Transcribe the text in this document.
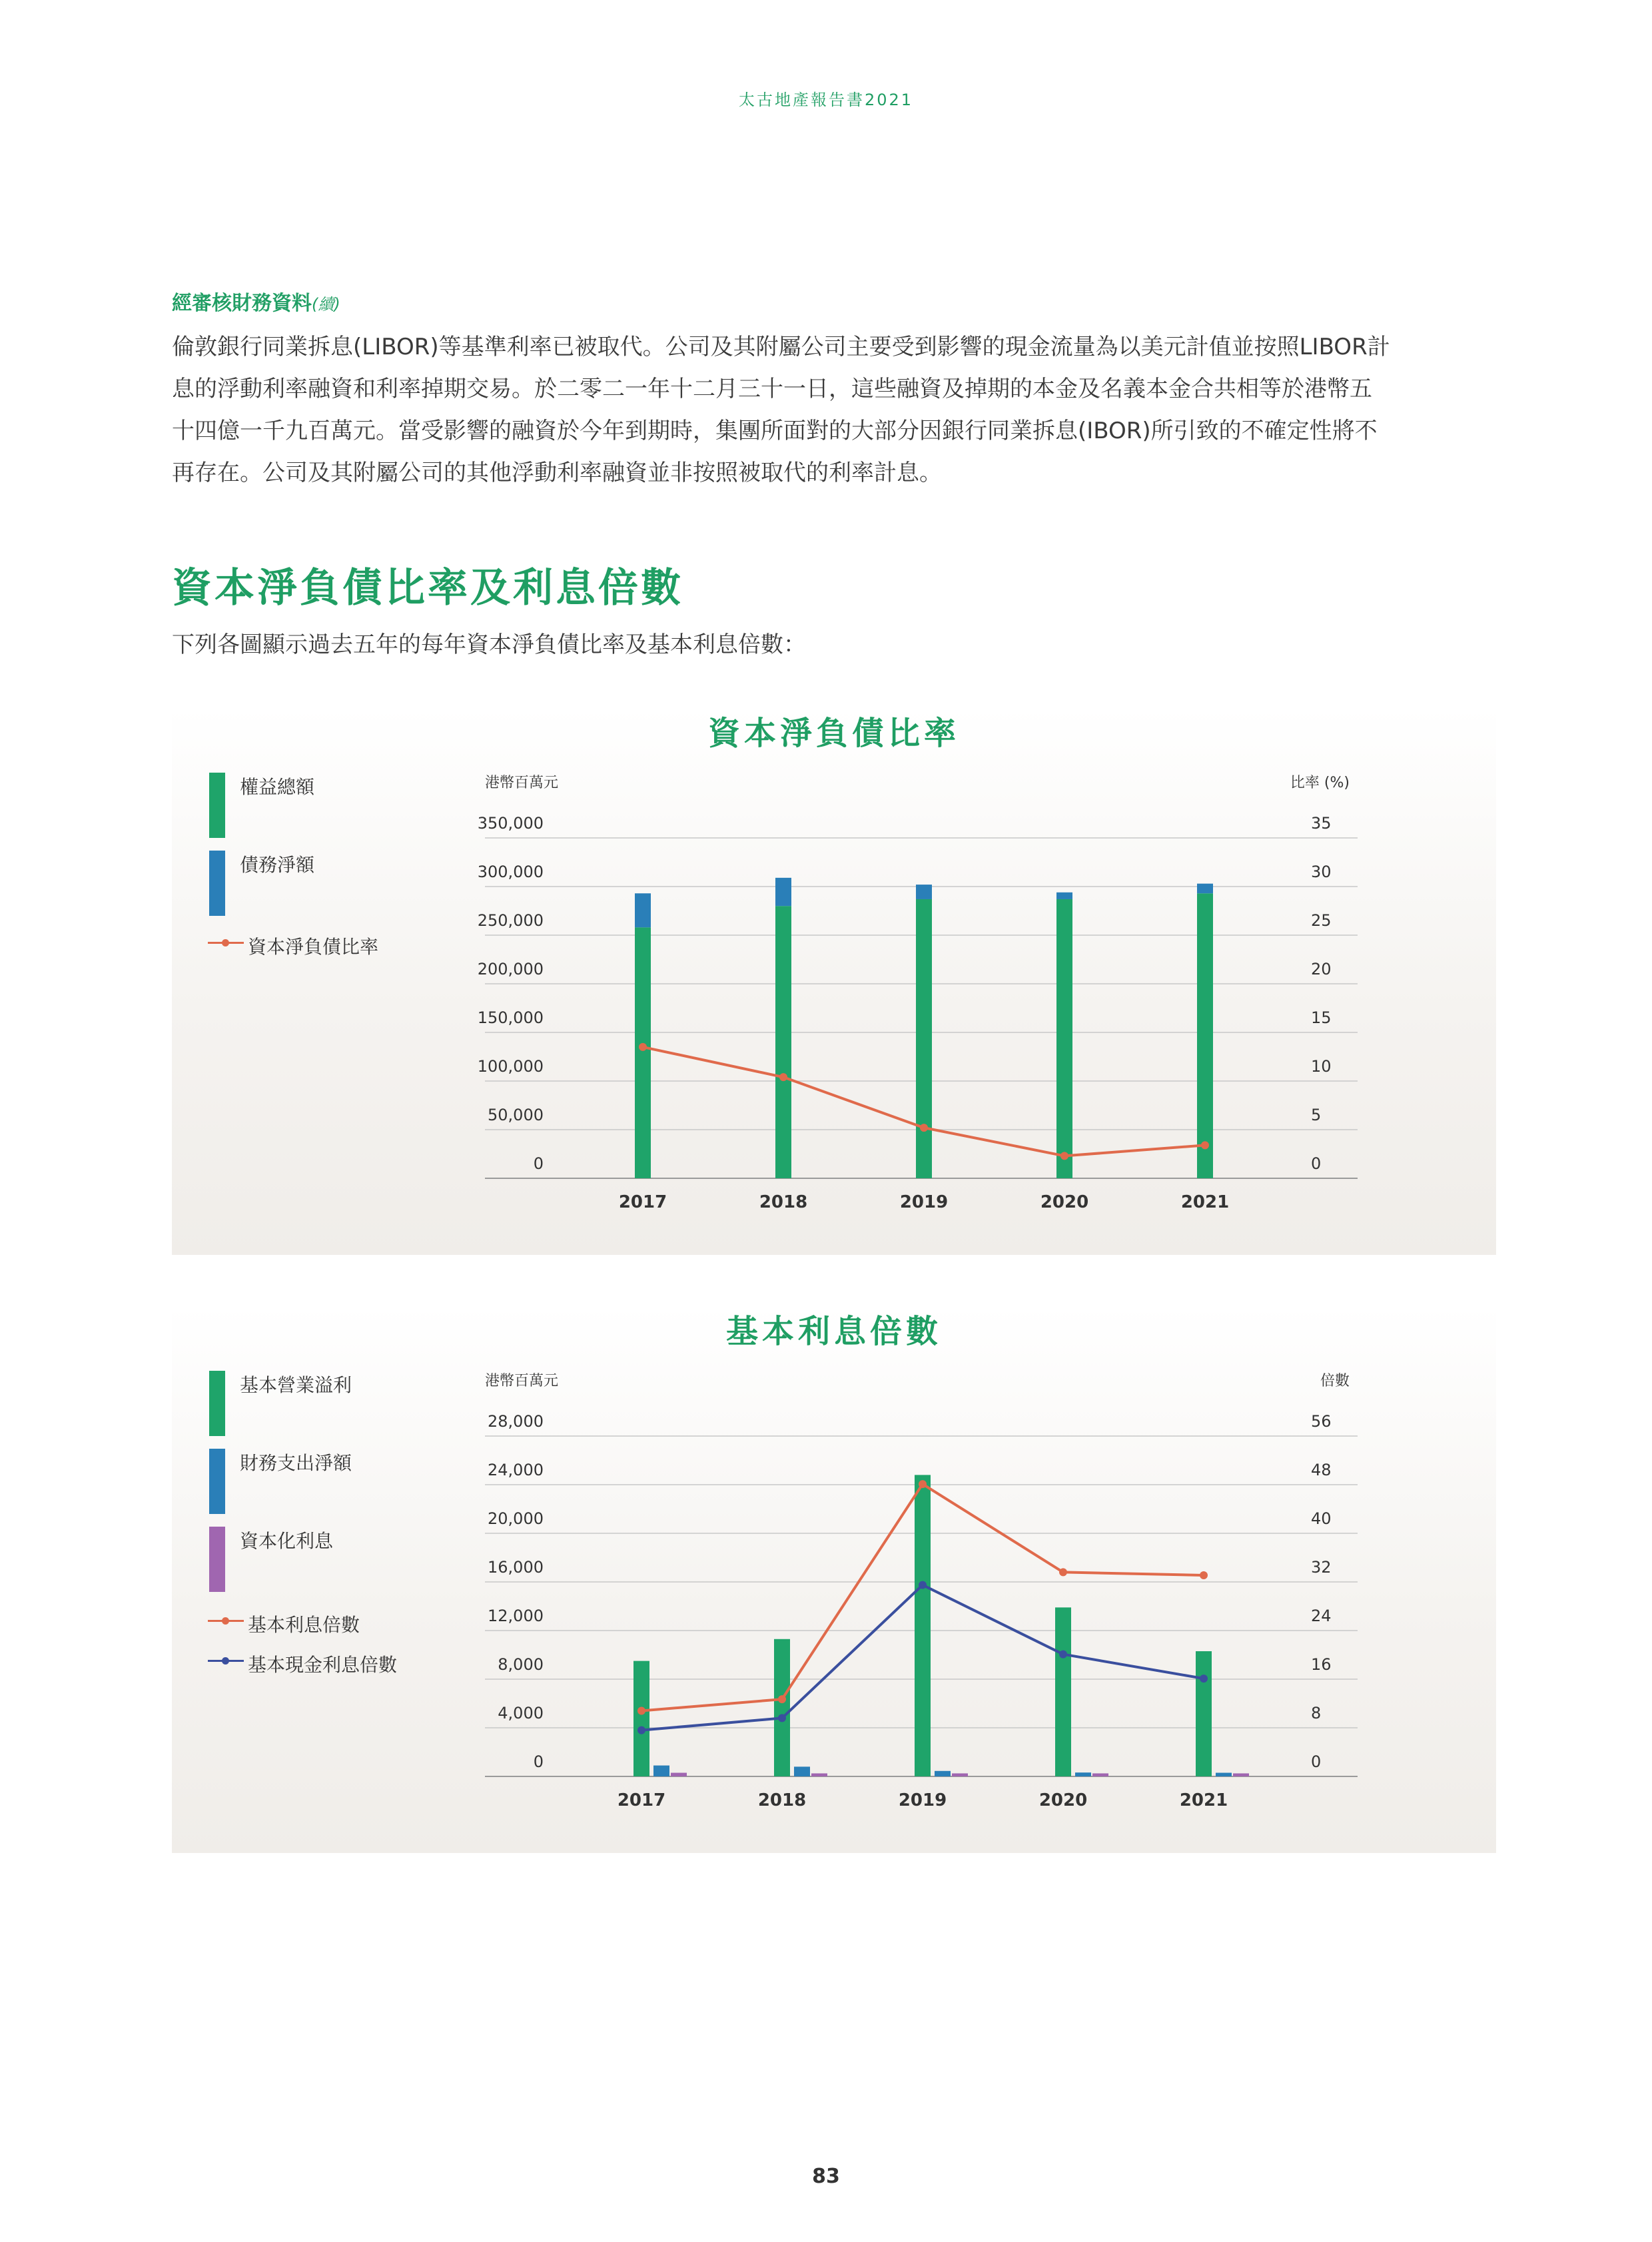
太古地產報告書2021
經審核財務資料(續)

倫敦銀行同業拆息(LIBOR)等基準利率已被取代。公司及其附屬公司主要受到影響的現金流量為以美元計值並按照LIBOR計

息的浮動利率融資和利率掉期交易。於二零二一年十二月三十一日，這些融資及掉期的本金及名義本金合共相等於港幣五

十四億一千九百萬元。當受影響的融資於今年到期時，集團所面對的大部分因銀行同業拆息(IBOR)所引致的不確定性將不

再存在。公司及其附屬公司的其他浮動利率融資並非按照被取代的利率計息。

資本淨負債比率及利息倍數
下列各圖顯示過去五年的每年資本淨負債比率及基本利息倍數：
資本淨負債比率
權益總額
債務淨額
資本淨負債比率
港幣百萬元	比率 (%)
0	0
50,000	5
100,000	10
150,000	15
200,000	20
250,000	25
300,000	30
350,000	35
2017	2018	2019	2020	2021
基本利息倍數
基本營業溢利
財務支出淨額
資本化利息
基本利息倍數
基本現金利息倍數
港幣百萬元	倍數
0	0
4,000	8
8,000	16
12,000	24
16,000	32
20,000	40
24,000	48
28,000	56
2017	2018	2019	2020	2021
83
